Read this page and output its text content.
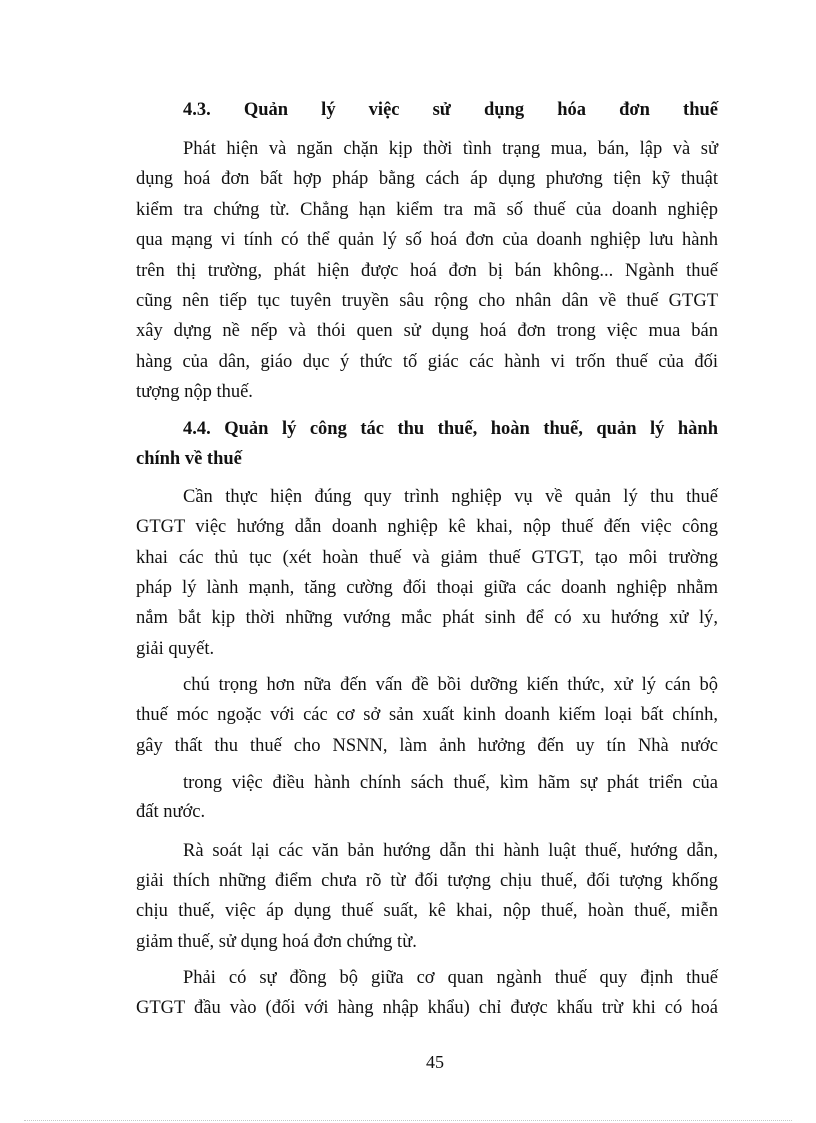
4.3. Quản lý việc sử dụng hóa đơn thuế
Phát hiện và ngăn chặn kịp thời tình trạng mua, bán, lập và sử
dụng hoá đơn bất hợp pháp bằng cách áp dụng phương tiện kỹ thuật
kiểm tra chứng từ. Chẳng hạn kiểm tra mã số thuế của doanh nghiệp
qua mạng vi tính có thể quản lý số hoá đơn của doanh nghiệp lưu hành
trên thị trường, phát hiện được hoá đơn bị bán không... Ngành thuế
cũng nên tiếp tục tuyên truyền sâu rộng cho nhân dân về thuế GTGT
xây dựng nề nếp và thói quen sử dụng hoá đơn trong việc mua bán
hàng của dân, giáo dục ý thức tố giác các hành vi trốn thuế của đối
tượng nộp thuế.
4.4. Quản lý công tác thu thuế, hoàn thuế, quản lý hành
chính về thuế
Cần thực hiện đúng quy trình nghiệp vụ về quản lý thu thuế
GTGT việc hướng dẫn doanh nghiệp kê khai, nộp thuế đến việc công
khai các thủ tục (xét hoàn thuế và giảm thuế GTGT, tạo môi trường
pháp lý lành mạnh, tăng cường đối thoại giữa các doanh nghiệp nhằm
nắm bắt kịp thời những vướng mắc phát sinh để có xu hướng xử lý,
giải quyết.
chú trọng hơn nữa đến vấn đề bồi dưỡng kiến thức, xử lý cán bộ
thuế móc ngoặc với các cơ sở sản xuất kinh doanh kiếm loại bất chính,
gây thất thu thuế cho NSNN, làm ảnh hưởng đến uy tín Nhà nước
trong việc điều hành chính sách thuế, kìm hãm sự phát triển của
đất nước.
Rà soát lại các văn bản hướng dẫn thi hành luật thuế, hướng dẫn,
giải thích những điểm chưa rõ từ đối tượng chịu thuế, đối tượng khống
chịu thuế, việc áp dụng thuế suất, kê khai, nộp thuế, hoàn thuế, miễn
giảm thuế, sử dụng hoá đơn chứng từ.
Phải có sự đồng bộ giữa cơ quan ngành thuế quy định thuế
GTGT đầu vào (đối với hàng nhập khẩu) chỉ được khấu trừ khi có hoá
45
